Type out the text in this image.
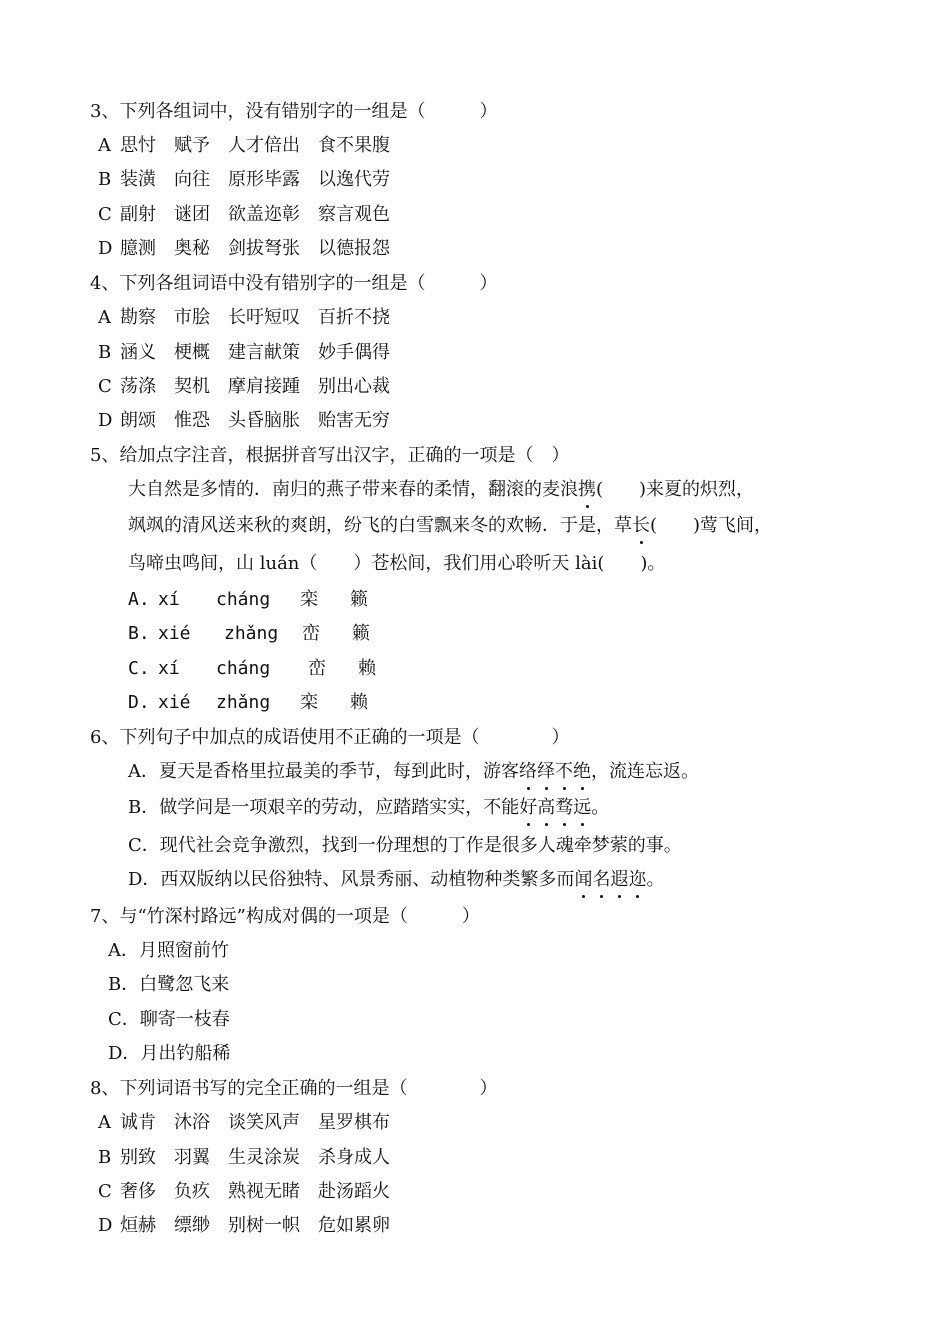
3、下列各组词中，没有错别字的一组是（　　　）
A 思忖 赋予 人才倍出 食不果腹
B 装潢 向往 原形毕露 以逸代劳
C 副射 谜团 欲盖迩彰 察言观色
D 臆测 奥秘 剑拔弩张 以德报怨
4、下列各组词语中没有错别字的一组是（　　　）
A 勘察 市脍 长吁短叹 百折不挠
B 涵义 梗概 建言献策 妙手偶得
C 荡涤 契机 摩肩接踵 别出心裁
D 朗颂 惟恐 头昏脑胀 贻害无穷
5、给加点字注音，根据拼音写出汉字，正确的一项是（　）
大自然是多情的．南归的燕子带来春的柔情，翻滚的麦浪携(　　)来夏的炽烈，
飒飒的清风送来秋的爽朗，纷飞的白雪飘来冬的欢畅．于是，草长(　　)莺飞间，
鸟啼虫鸣间，山 luán（　　）苍松间，我们用心聆听天 lài(　　)。
A. xí cháng 栾 籁
B. xié zhǎng 峦 籁
C. xí cháng 峦 赖
D. xié zhǎng 栾 赖
6、下列句子中加点的成语使用不正确的一项是（　　　　）
A．夏天是香格里拉最美的季节，每到此时，游客络绎不绝，流连忘返。
B．做学问是一项艰辛的劳动，应踏踏实实，不能好高骛远。
C．现代社会竞争激烈，找到一份理想的丁作是很多人魂牵梦萦的事。
D．西双版纳以民俗独特、风景秀丽、动植物种类繁多而闻名遐迩。
7、与“竹深村路远”构成对偶的一项是（　　　）
A．月照窗前竹
B．白鹭忽飞来
C．聊寄一枝春
D．月出钓船稀
8、下列词语书写的完全正确的一组是（　　　　）
A 诚肯 沐浴 谈笑风声 星罗棋布
B 别致 羽翼 生灵涂炭 杀身成人
C 奢侈 负疚 熟视无睹 赴汤蹈火
D 烜赫 缥缈 别树一帜 危如累卵
